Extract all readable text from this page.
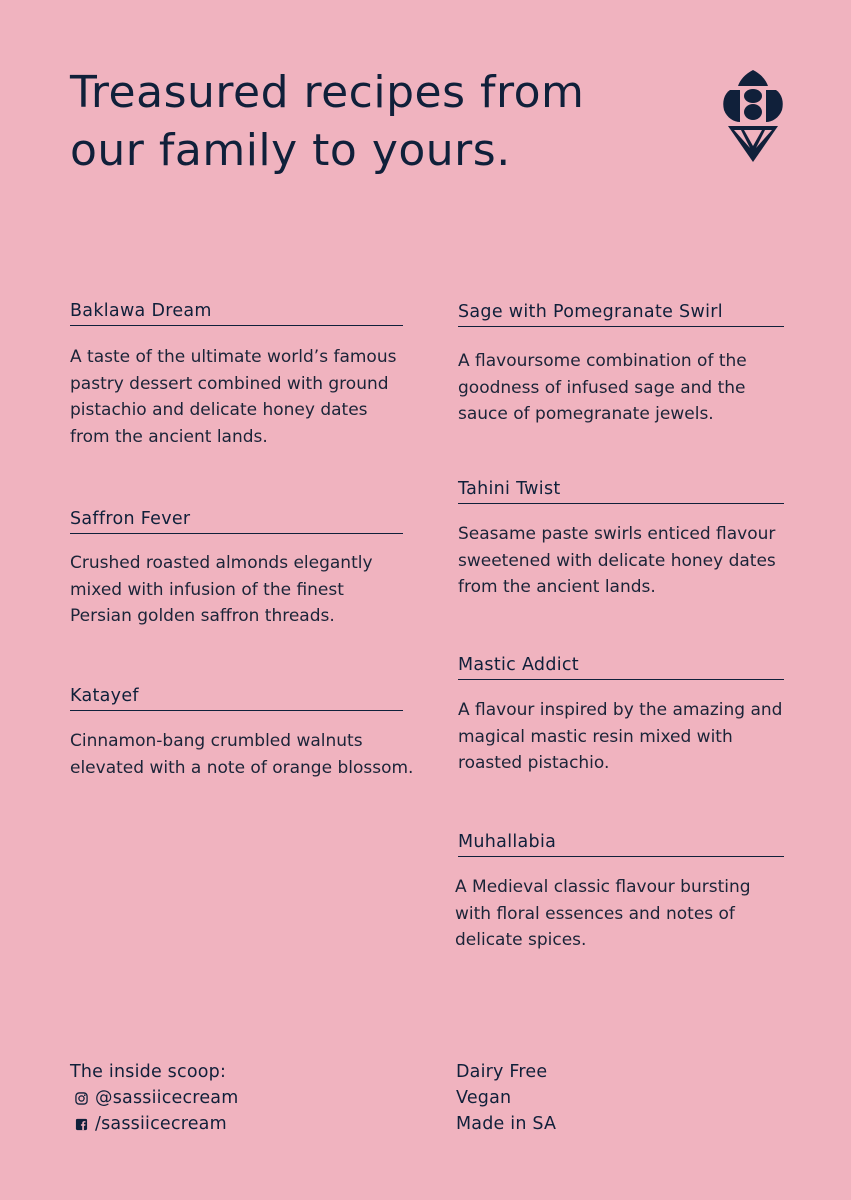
Treasured recipes from our family to yours.
Baklawa Dream

A taste of the ultimate world’s famous pastry dessert combined with ground pistachio and delicate honey dates from the ancient lands.

Saffron Fever

Crushed roasted almonds elegantly mixed with infusion of the finest Persian golden saffron threads.

Katayef

Cinnamon-bang crumbled walnuts elevated with a note of orange blossom.

Sage with Pomegranate Swirl

A flavoursome combination of the goodness of infused sage and the sauce of pomegranate jewels.

Tahini Twist

Seasame paste swirls enticed flavour sweetened with delicate honey dates from the ancient lands.

Mastic Addict

A flavour inspired by the amazing and magical mastic resin mixed with roasted pistachio.

Muhallabia

A Medieval classic flavour bursting with floral essences and notes of delicate spices.

The inside scoop:
@sassiicecream
/sassiicecream
Dairy Free
Vegan
Made in SA
